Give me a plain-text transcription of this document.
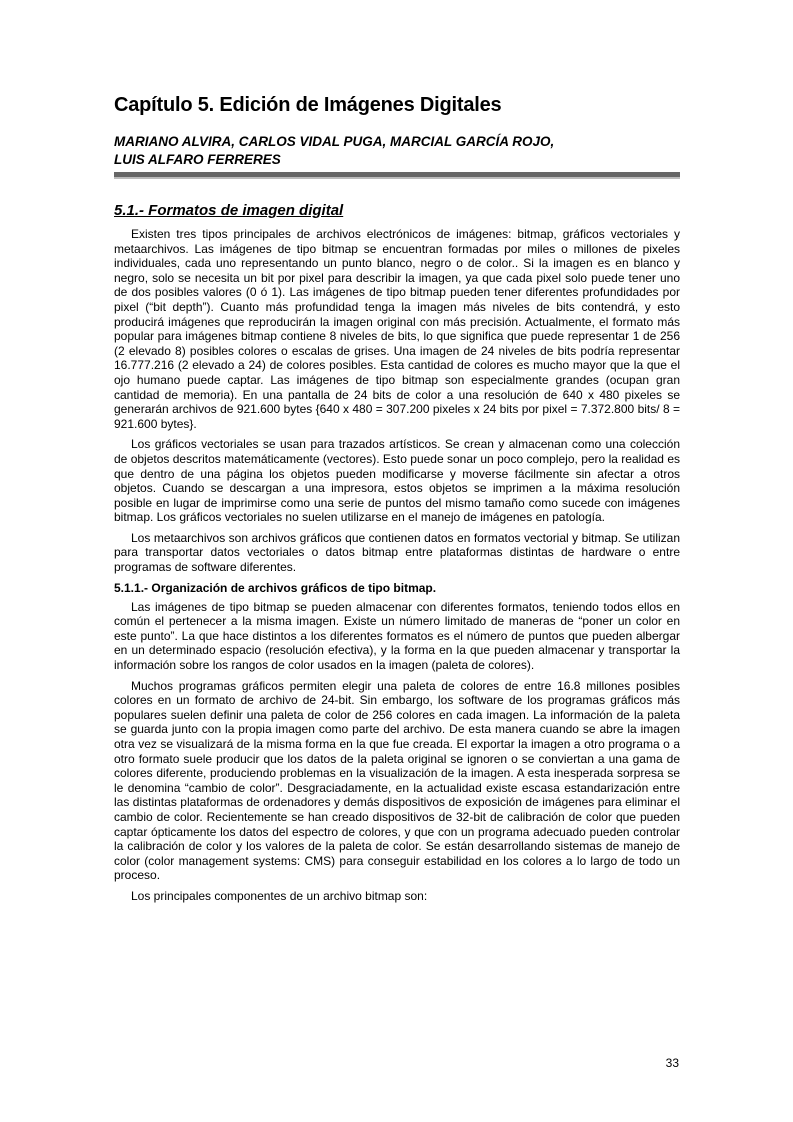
Capítulo 5. Edición de Imágenes Digitales
MARIANO ALVIRA, CARLOS VIDAL PUGA, MARCIAL GARCÍA ROJO,
LUIS ALFARO FERRERES
5.1.- Formatos de imagen digital

Existen tres tipos principales de archivos electrónicos de imágenes: bitmap, gráficos vectoriales y metaarchivos. Las imágenes de tipo bitmap se encuentran formadas por miles o millones de pixeles individuales, cada uno representando un punto blanco, negro o de color.. Si la imagen es en blanco y negro, solo se necesita un bit por pixel para describir la imagen, ya que cada pixel solo puede tener uno de dos posibles valores (0 ó 1). Las imágenes de tipo bitmap pueden tener diferentes profundidades por pixel (“bit depth”). Cuanto más profundidad tenga la imagen más niveles de bits contendrá, y esto producirá imágenes que reproducirán la imagen original con más precisión. Actualmente, el formato más popular para imágenes bitmap contiene 8 niveles de bits, lo que significa que puede representar 1 de 256 (2 elevado 8) posibles colores o escalas de grises. Una imagen de 24 niveles de bits podría representar 16.777.216 (2 elevado a 24) de colores posibles. Esta cantidad de colores es mucho mayor que la que el ojo humano puede captar. Las imágenes de tipo bitmap son especialmente grandes (ocupan gran cantidad de memoria). En una pantalla de 24 bits de color a una resolución de 640 x 480 pixeles se generarán archivos de 921.600 bytes {640 x 480 = 307.200 pixeles x 24 bits por pixel = 7.372.800 bits/ 8 = 921.600 bytes}.

Los gráficos vectoriales se usan para trazados artísticos. Se crean y almacenan como una colección de objetos descritos matemáticamente (vectores). Esto puede sonar un poco complejo, pero la realidad es que dentro de una página los objetos pueden modificarse y moverse fácilmente sin afectar a otros objetos. Cuando se descargan a una impresora, estos objetos se imprimen a la máxima resolución posible en lugar de imprimirse como una serie de puntos del mismo tamaño como sucede con imágenes bitmap. Los gráficos vectoriales no suelen utilizarse en el manejo de imágenes en patología.

Los metaarchivos son archivos gráficos que contienen datos en formatos vectorial y bitmap. Se utilizan para transportar datos vectoriales o datos bitmap entre plataformas distintas de hardware o entre programas de software diferentes.

5.1.1.- Organización de archivos gráficos de tipo bitmap.

Las imágenes de tipo bitmap se pueden almacenar con diferentes formatos, teniendo todos ellos en común el pertenecer a la misma imagen. Existe un número limitado de maneras de “poner un color en este punto”. La que hace distintos a los diferentes formatos es el número de puntos que pueden albergar en un determinado espacio (resolución efectiva), y la forma en la que pueden almacenar y transportar la información sobre los rangos de color usados en la imagen (paleta de colores).

Muchos programas gráficos permiten elegir una paleta de colores de entre 16.8 millones posibles colores en un formato de archivo de 24-bit. Sin embargo, los software de los programas gráficos más populares suelen definir una paleta de color de 256 colores en cada imagen. La información de la paleta se guarda junto con la propia imagen como parte del archivo. De esta manera cuando se abre la imagen otra vez se visualizará de la misma forma en la que fue creada. El exportar la imagen a otro programa o a otro formato suele producir que los datos de la paleta original se ignoren o se conviertan a una gama de colores diferente, produciendo problemas en la visualización de la imagen. A esta inesperada sorpresa se le denomina “cambio de color”. Desgraciadamente, en la actualidad existe escasa estandarización entre las distintas plataformas de ordenadores y demás dispositivos de exposición de imágenes para eliminar el cambio de color. Recientemente se han creado dispositivos de 32-bit de calibración de color que pueden captar ópticamente los datos del espectro de colores, y que con un programa adecuado pueden controlar la calibración de color y los valores de la paleta de color. Se están desarrollando sistemas de manejo de color (color management systems: CMS) para conseguir estabilidad en los colores a lo largo de todo un proceso.

Los principales componentes de un archivo bitmap son:

33
